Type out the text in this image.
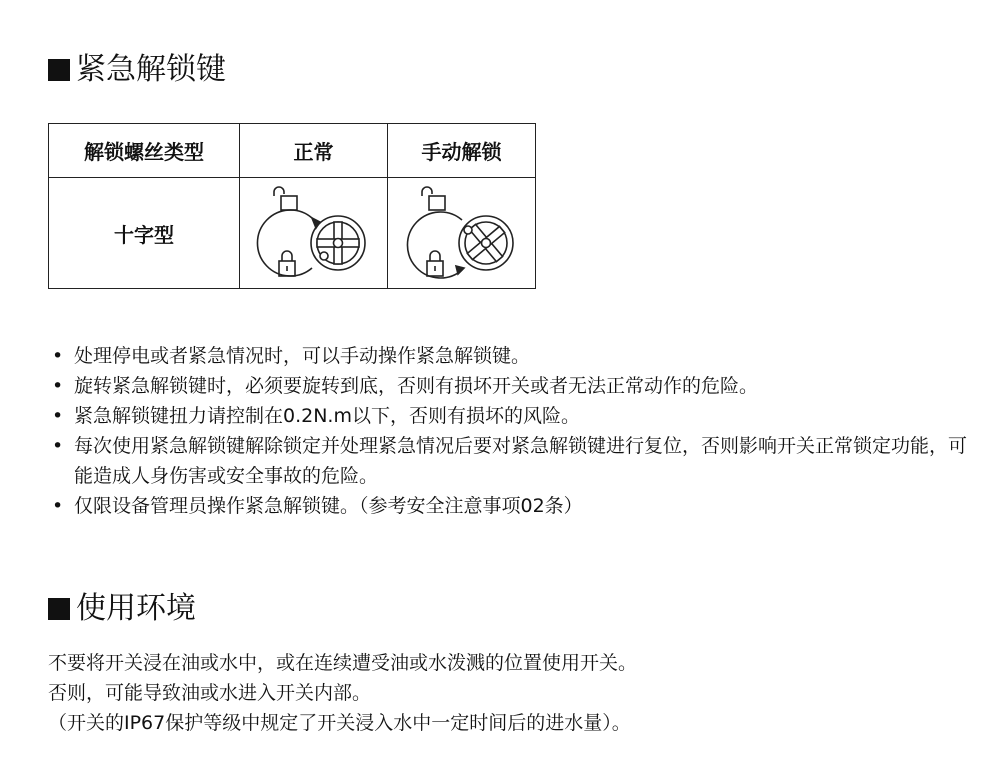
紧急解锁键
解锁螺丝类型	正常	手动解锁
十字型	

• 处理停电或者紧急情况时，可以手动操作紧急解锁键。
• 旋转紧急解锁键时，必须要旋转到底，否则有损坏开关或者无法正常动作的危险。
• 紧急解锁键扭力请控制在0.2N.m以下，否则有损坏的风险。
• 每次使用紧急解锁键解除锁定并处理紧急情况后要对紧急解锁键进行复位，否则影响开关正常锁定功能，可能造成人身伤害或安全事故的危险。
• 仅限设备管理员操作紧急解锁键。（参考安全注意事项02条）
使用环境

不要将开关浸在油或水中，或在连续遭受油或水泼溅的位置使用开关。

否则，可能导致油或水进入开关内部。

（开关的IP67保护等级中规定了开关浸入水中一定时间后的进水量）。
